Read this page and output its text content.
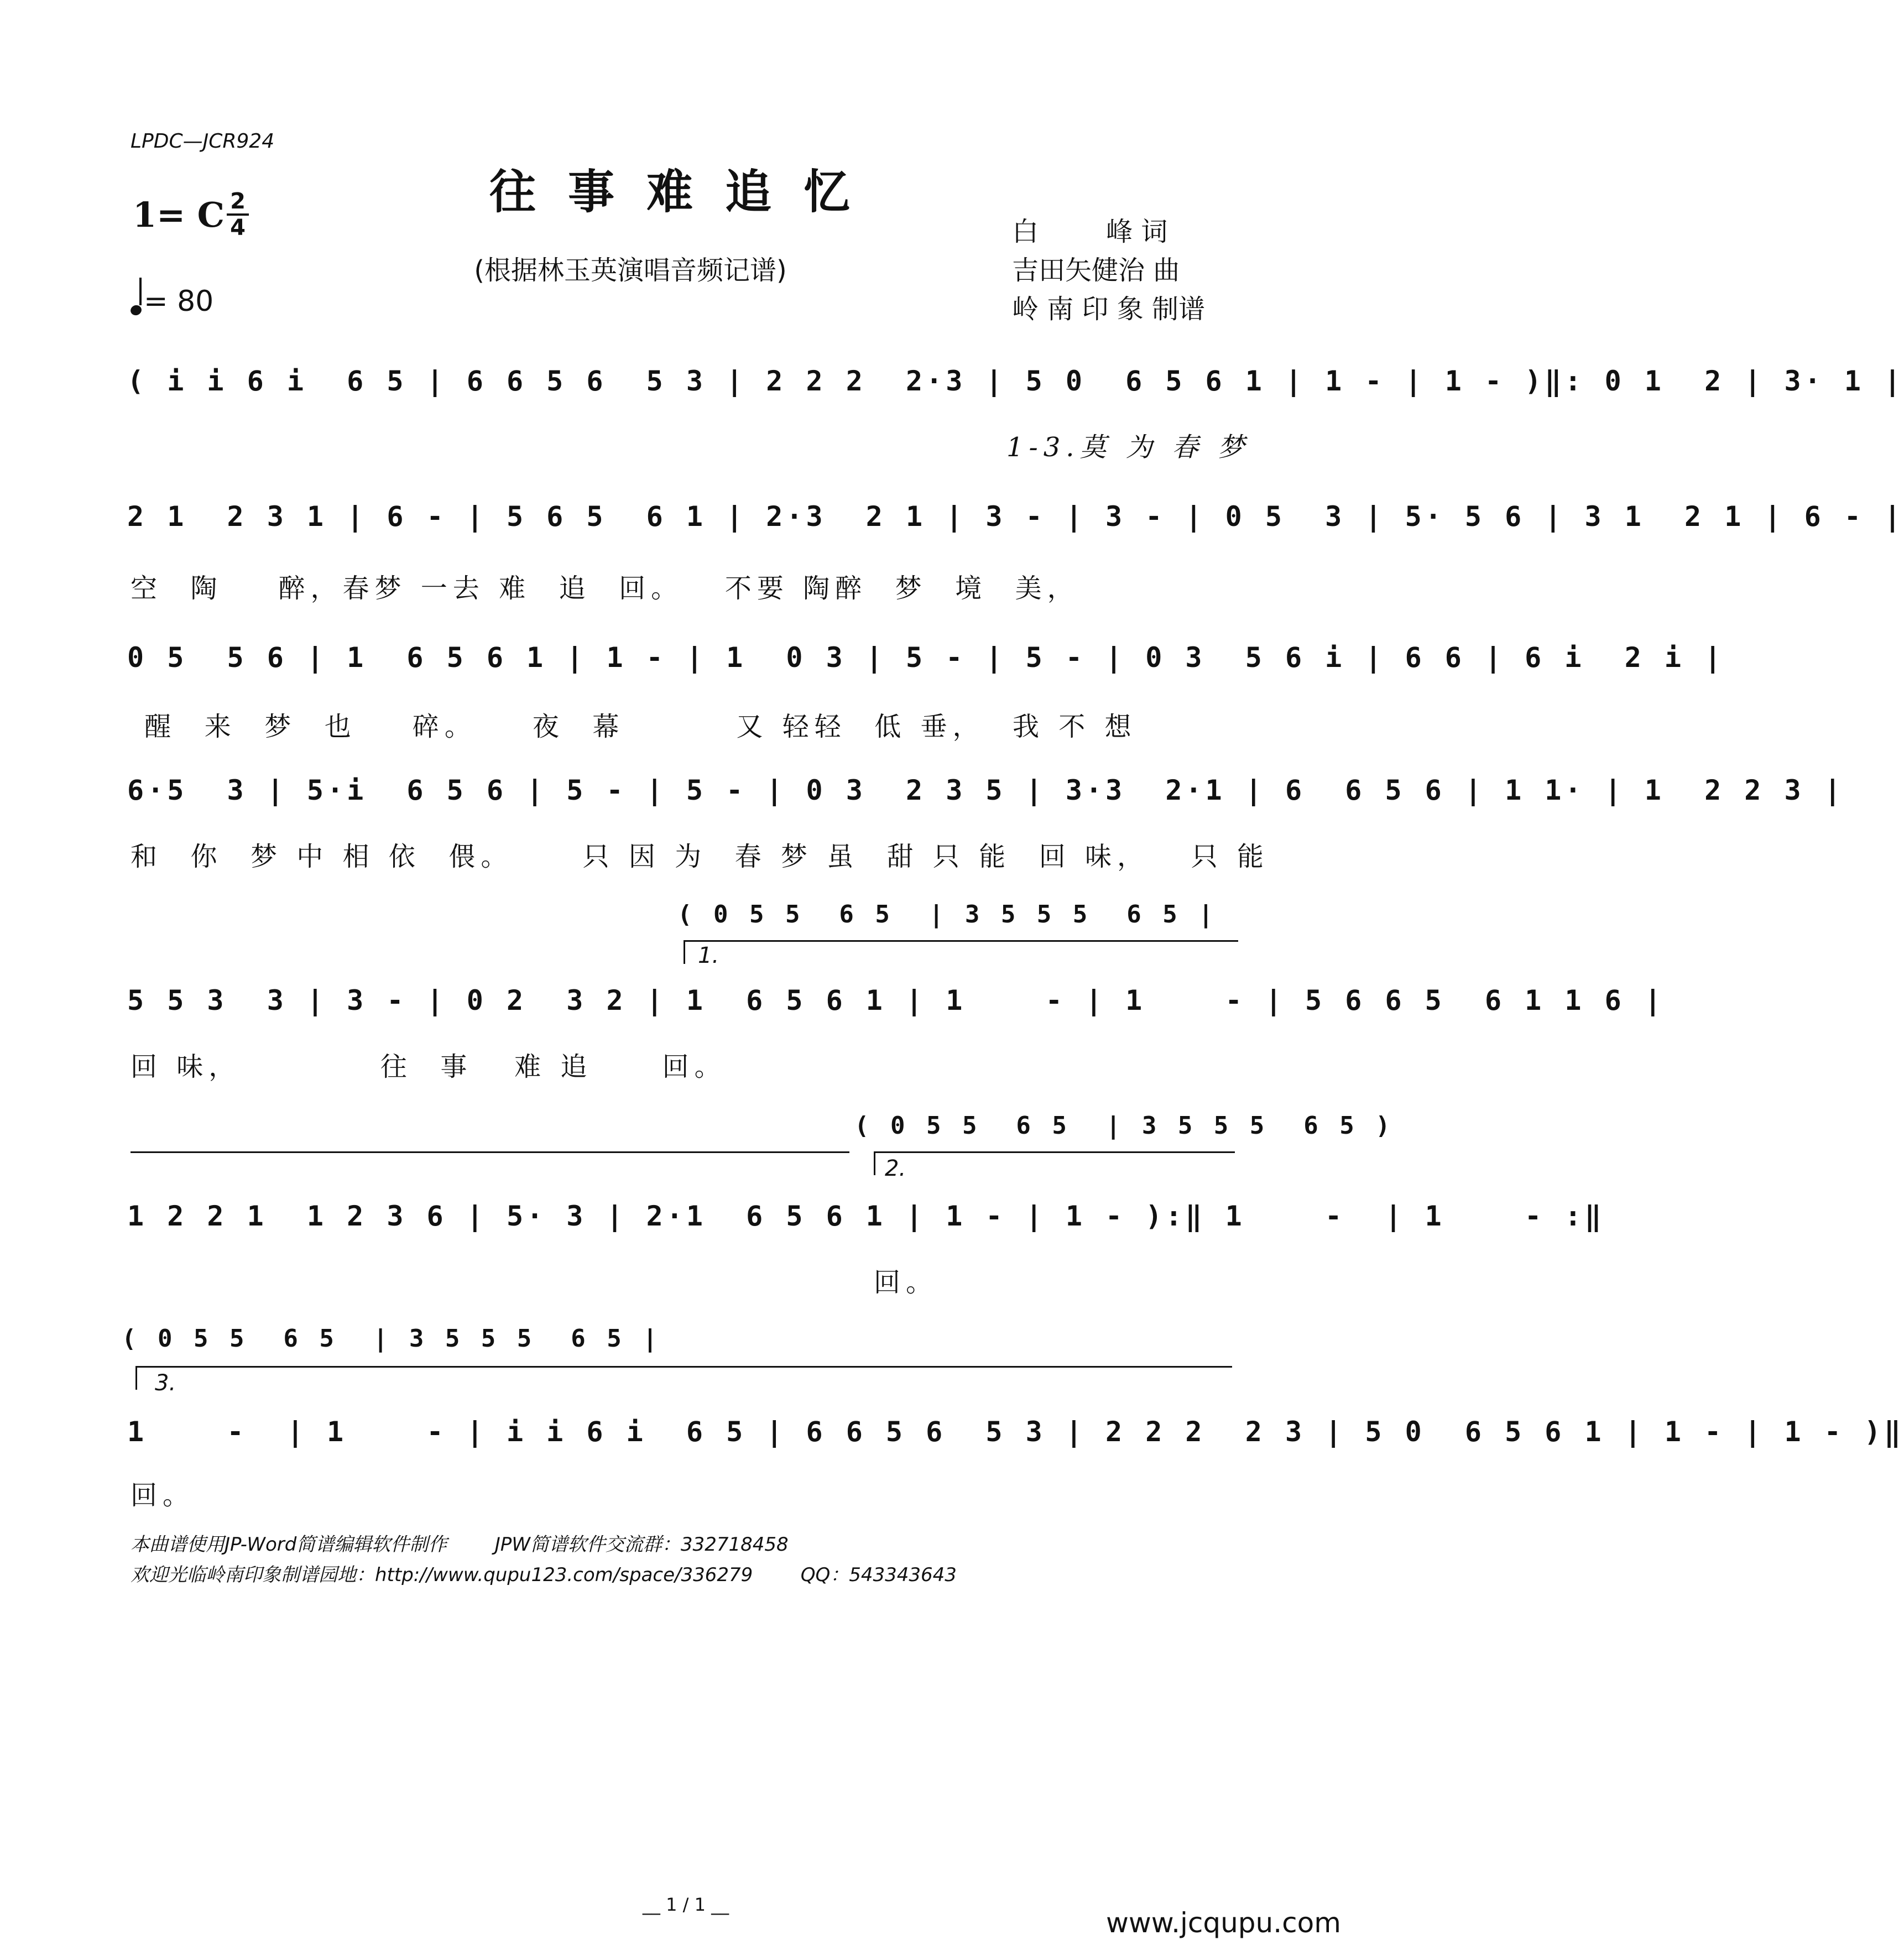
LPDC—JCR924
往事难追忆
1= C 2
4
(根据林玉英演唱音频记谱)
白        峰 词
吉田矢健治 曲
岭 南 印 象 制谱
= 80
( i i 6 i  6 5 | 6 6 5 6  5 3 | 2 2 2  2·3 | 5 0  6 5 6 1 | 1 - | 1 - )‖: 0 1  2 | 3· 1 |
1-3.莫 为 春 梦
2 1  2 3 1 | 6 - | 5 6 5  6 1 | 2·3  2 1 | 3 - | 3 - | 0 5  3 | 5· 5 6 | 3 1  2 1 | 6 - |
空  陶    醉，春梦 一去 难  追  回。   不要 陶醉  梦  境  美，
0 5  5 6 | 1  6 5 6 1 | 1 - | 1  0 3 | 5 - | 5 - | 0 3  5 6 i | 6 6 | 6 i  2 i |
醒  来  梦  也    碎。    夜  幕        又 轻轻  低 垂，  我 不 想
6·5  3 | 5·i  6 5 6 | 5 - | 5 - | 0 3  2 3 5 | 3·3  2·1 | 6  6 5 6 | 1 1· | 1  2 2 3 |
和  你  梦 中 相 依  偎。     只 因 为  春 梦 虽  甜 只 能  回 味，   只 能
( 0 5 5  6 5  | 3 5 5 5  6 5 |
1.
5 5 3  3 | 3 - | 0 2  3 2 | 1  6 5 6 1 | 1    - | 1    - | 5 6 6 5  6 1 1 6 |
回 味，          往  事   难 追     回。
( 0 5 5  6 5  | 3 5 5 5  6 5 )
2.
1 2 2 1  1 2 3 6 | 5· 3 | 2·1  6 5 6 1 | 1 - | 1 - ):‖ 1    -  | 1    - :‖
回。
( 0 5 5  6 5  | 3 5 5 5  6 5 |
3.
1    -  | 1    - | i i 6 i  6 5 | 6 6 5 6  5 3 | 2 2 2  2 3 | 5 0  6 5 6 1 | 1 - | 1 - )‖
回。
本曲谱使用JP-Word简谱编辑软件制作        JPW简谱软件交流群：332718458
欢迎光临岭南印象制谱园地：http://www.qupu123.com/space/336279        QQ：543343643
__ 1 / 1 __
www.jcqupu.com
